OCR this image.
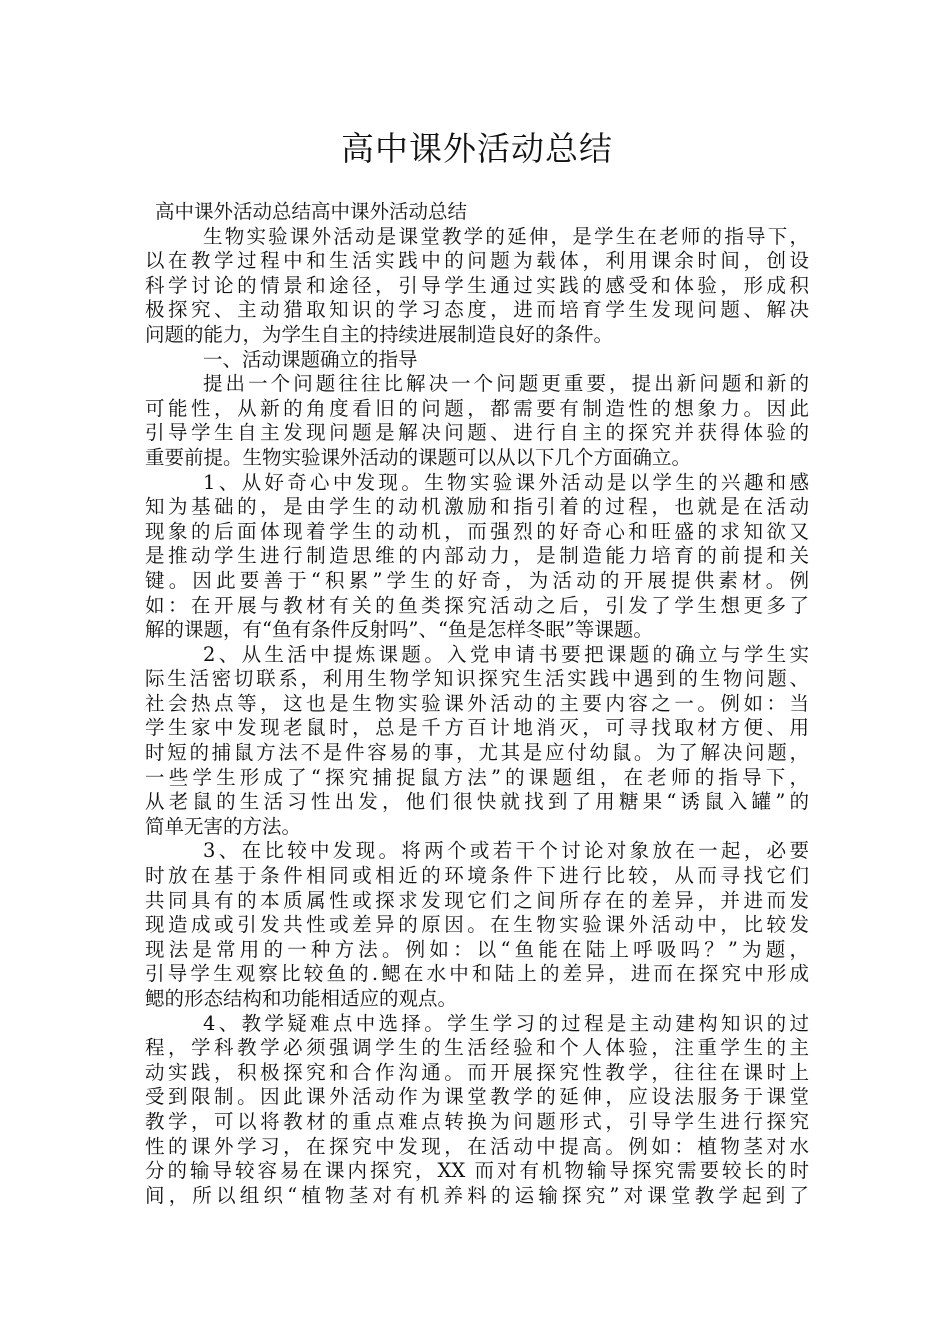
高中课外活动总结
高中课外活动总结高中课外活动总结
生物实验课外活动是课堂教学的延伸，是学生在老师的指导下，
以在教学过程中和生活实践中的问题为载体，利用课余时间，创设
科学讨论的情景和途径，引导学生通过实践的感受和体验，形成积
极探究、主动猎取知识的学习态度，进而培育学生发现问题、解决
问题的能力，为学生自主的持续进展制造良好的条件。
一、活动课题确立的指导
提出一个问题往往比解决一个问题更重要，提出新问题和新的
可能性，从新的角度看旧的问题，都需要有制造性的想象力。因此
引导学生自主发现问题是解决问题、进行自主的探究并获得体验的
重要前提。生物实验课外活动的课题可以从以下几个方面确立。
1、从好奇心中发现。生物实验课外活动是以学生的兴趣和感
知为基础的，是由学生的动机激励和指引着的过程，也就是在活动
现象的后面体现着学生的动机，而强烈的好奇心和旺盛的求知欲又
是推动学生进行制造思维的内部动力，是制造能力培育的前提和关
键。因此要善于“积累”学生的好奇，为活动的开展提供素材。例
如：在开展与教材有关的鱼类探究活动之后，引发了学生想更多了
解的课题，有“鱼有条件反射吗”、“鱼是怎样冬眠”等课题。
2、从生活中提炼课题。入党申请书要把课题的确立与学生实
际生活密切联系，利用生物学知识探究生活实践中遇到的生物问题、
社会热点等，这也是生物实验课外活动的主要内容之一。例如：当
学生家中发现老鼠时，总是千方百计地消灭，可寻找取材方便、用
时短的捕鼠方法不是件容易的事，尤其是应付幼鼠。为了解决问题，
一些学生形成了“探究捕捉鼠方法”的课题组，在老师的指导下，
从老鼠的生活习性出发，他们很快就找到了用糖果“诱鼠入罐”的
简单无害的方法。
3、在比较中发现。将两个或若干个讨论对象放在一起，必要
时放在基于条件相同或相近的环境条件下进行比较，从而寻找它们
共同具有的本质属性或探求发现它们之间所存在的差异，并进而发
现造成或引发共性或差异的原因。在生物实验课外活动中，比较发
现法是常用的一种方法。例如：以“鱼能在陆上呼吸吗？”为题，
引导学生观察比较鱼的.鳃在水中和陆上的差异，进而在探究中形成
鳃的形态结构和功能相适应的观点。
4、教学疑难点中选择。学生学习的过程是主动建构知识的过
程，学科教学必须强调学生的生活经验和个人体验，注重学生的主
动实践，积极探究和合作沟通。而开展探究性教学，往往在课时上
受到限制。因此课外活动作为课堂教学的延伸，应设法服务于课堂
教学，可以将教材的重点难点转换为问题形式，引导学生进行探究
性的课外学习，在探究中发现，在活动中提高。例如：植物茎对水
分的输导较容易在课内探究，XX 而对有机物输导探究需要较长的时
间，所以组织“植物茎对有机养料的运输探究”对课堂教学起到了
